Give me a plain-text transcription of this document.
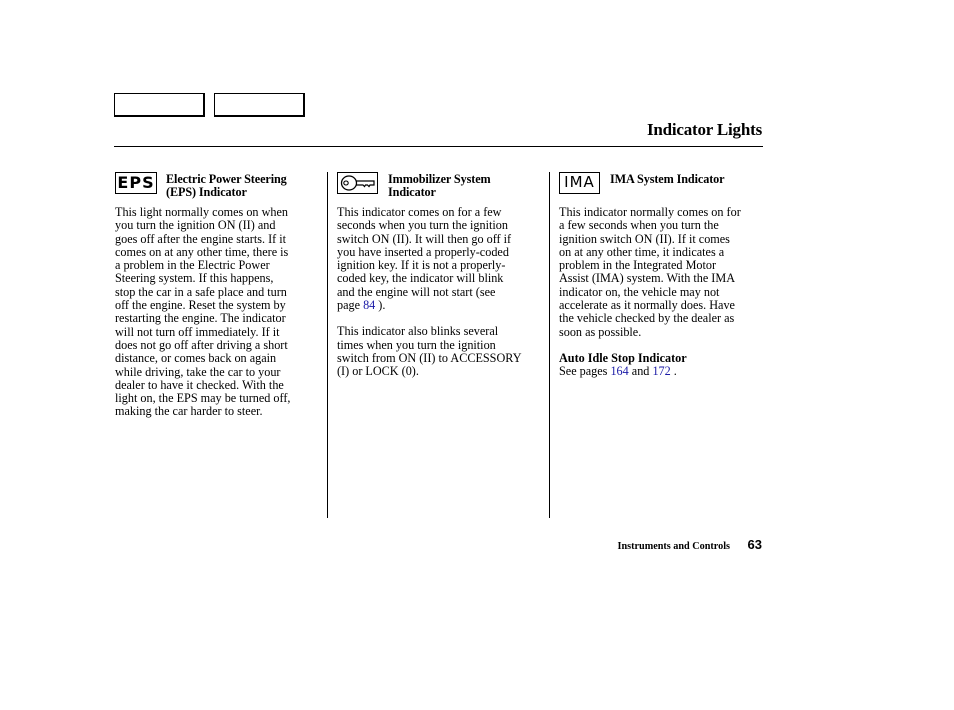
Indicator Lights
EPS Electric Power Steering
(EPS) Indicator

This light normally comes on when
you turn the ignition ON (II) and
goes off after the engine starts. If it
comes on at any other time, there is
a problem in the Electric Power
Steering system. If this happens,
stop the car in a safe place and turn
off the engine. Reset the system by
restarting the engine. The indicator
will not turn off immediately. If it
does not go off after driving a short
distance, or comes back on again
while driving, take the car to your
dealer to have it checked. With the
light on, the EPS may be turned off,
making the car harder to steer.

Immobilizer System
Indicator

This indicator comes on for a few
seconds when you turn the ignition
switch ON (II). It will then go off if
you have inserted a properly-coded
ignition key. If it is not a properly-
coded key, the indicator will blink
and the engine will not start (see
page 84 ).

This indicator also blinks several
times when you turn the ignition
switch from ON (II) to ACCESSORY
(I) or LOCK (0).

IMA	IMA System Indicator

This indicator normally comes on for
a few seconds when you turn the
ignition switch ON (II). If it comes
on at any other time, it indicates a
problem in the Integrated Motor
Assist (IMA) system. With the IMA
indicator on, the vehicle may not
accelerate as it normally does. Have
the vehicle checked by the dealer as
soon as possible.

Auto Idle Stop Indicator

See pages 164 and 172 .

Instruments and Controls 63
